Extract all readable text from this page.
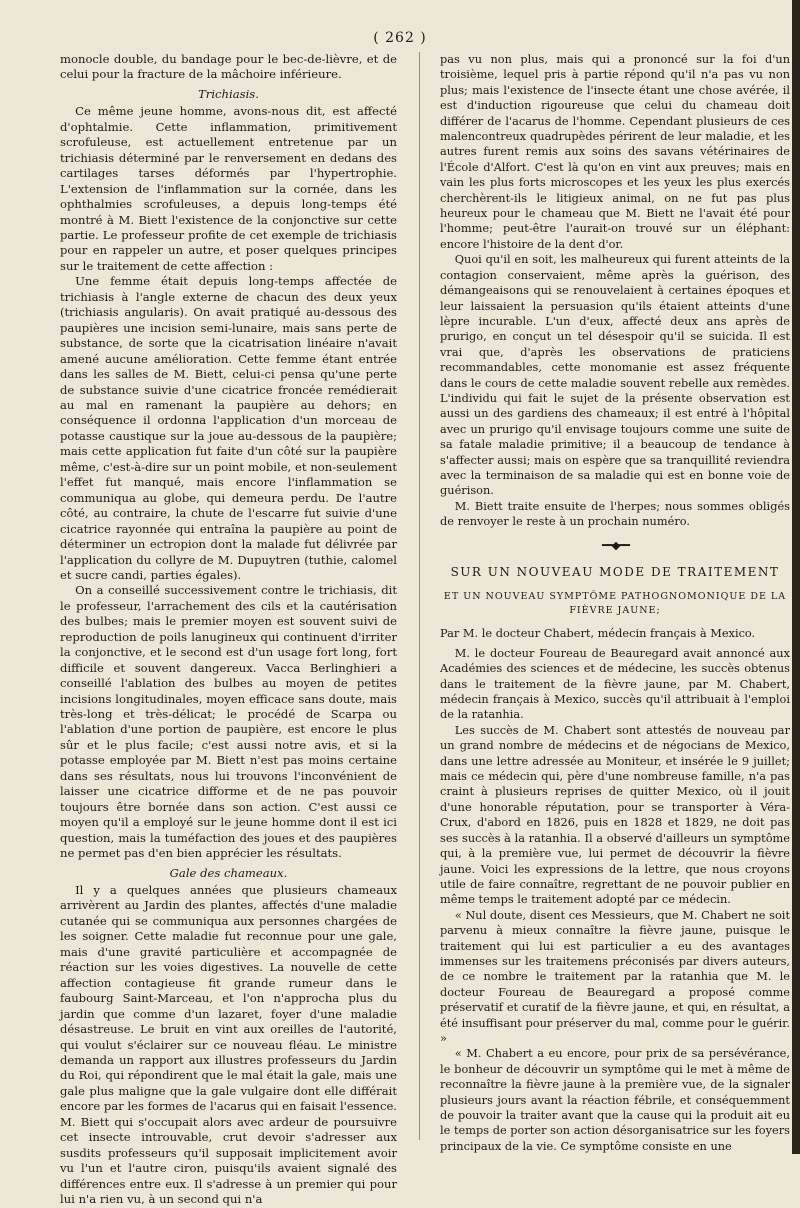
( 262 )

monocle double, du bandage pour le bec-de-lièvre, et de celui pour la fracture de la mâchoire inférieure.

Trichiasis.

Ce même jeune homme, avons-nous dit, est affecté d'ophtalmie. Cette inflammation, primitivement scrofuleuse, est actuellement entretenue par un trichiasis déterminé par le renversement en dedans des cartilages tarses déformés par l'hypertrophie. L'extension de l'inflammation sur la cornée, dans les ophthalmies scrofuleuses, a depuis long-temps été montré à M. Biett l'existence de la conjonctive sur cette partie. Le professeur profite de cet exemple de trichiasis pour en rappeler un autre, et poser quelques principes sur le traitement de cette affection :

Une femme était depuis long-temps affectée de trichiasis à l'angle externe de chacun des deux yeux (trichiasis angularis). On avait pratiqué au-dessous des paupières une incision semi-lunaire, mais sans perte de substance, de sorte que la cicatrisation linéaire n'avait amené aucune amélioration. Cette femme étant entrée dans les salles de M. Biett, celui-ci pensa qu'une perte de substance suivie d'une cicatrice froncée remédierait au mal en ramenant la paupière au dehors; en conséquence il ordonna l'application d'un morceau de potasse caustique sur la joue au-dessous de la paupière; mais cette application fut faite d'un côté sur la paupière même, c'est-à-dire sur un point mobile, et non-seulement l'effet fut manqué, mais encore l'inflammation se communiqua au globe, qui demeura perdu. De l'autre côté, au contraire, la chute de l'escarre fut suivie d'une cicatrice rayonnée qui entraîna la paupière au point de déterminer un ectropion dont la malade fut délivrée par l'application du collyre de M. Dupuytren (tuthie, calomel et sucre candi, parties égales).

On a conseillé successivement contre le trichiasis, dit le professeur, l'arrachement des cils et la cautérisation des bulbes; mais le premier moyen est souvent suivi de reproduction de poils lanugineux qui continuent d'irriter la conjonctive, et le second est d'un usage fort long, fort difficile et souvent dangereux. Vacca Berlinghieri a conseillé l'ablation des bulbes au moyen de petites incisions longitudinales, moyen efficace sans doute, mais très-long et très-délicat; le procédé de Scarpa ou l'ablation d'une portion de paupière, est encore le plus sûr et le plus facile; c'est aussi notre avis, et si la potasse employée par M. Biett n'est pas moins certaine dans ses résultats, nous lui trouvons l'inconvénient de laisser une cicatrice difforme et de ne pas pouvoir toujours être bornée dans son action. C'est aussi ce moyen qu'il a employé sur le jeune homme dont il est ici question, mais la tuméfaction des joues et des paupières ne permet pas d'en bien apprécier les résultats.

Gale des chameaux.

Il y a quelques années que plusieurs chameaux arrivèrent au Jardin des plantes, affectés d'une maladie cutanée qui se communiqua aux personnes chargées de les soigner. Cette maladie fut reconnue pour une gale, mais d'une gravité particulière et accompagnée de réaction sur les voies digestives. La nouvelle de cette affection contagieuse fit grande rumeur dans le faubourg Saint-Marceau, et l'on n'approcha plus du jardin que comme d'un lazaret, foyer d'une maladie désastreuse. Le bruit en vint aux oreilles de l'autorité, qui voulut s'éclairer sur ce nouveau fléau. Le ministre demanda un rapport aux illustres professeurs du Jardin du Roi, qui répondirent que le mal était la gale, mais une gale plus maligne que la gale vulgaire dont elle différait encore par les formes de l'acarus qui en faisait l'essence. M. Biett qui s'occupait alors avec ardeur de poursuivre cet insecte introuvable, crut devoir s'adresser aux susdits professeurs qu'il supposait implicitement avoir vu l'un et l'autre ciron, puisqu'ils avaient signalé des différences entre eux. Il s'adresse à un premier qui pour lui n'a rien vu, à un second qui n'a

pas vu non plus, mais qui a prononcé sur la foi d'un troisième, lequel pris à partie répond qu'il n'a pas vu non plus; mais l'existence de l'insecte étant une chose avérée, il est d'induction rigoureuse que celui du chameau doit différer de l'acarus de l'homme. Cependant plusieurs de ces malencontreux quadrupèdes périrent de leur maladie, et les autres furent remis aux soins des savans vétérinaires de l'École d'Alfort. C'est là qu'on en vint aux preuves; mais en vain les plus forts microscopes et les yeux les plus exercés cherchèrent-ils le litigieux animal, on ne fut pas plus heureux pour le chameau que M. Biett ne l'avait été pour l'homme; peut-être l'aurait-on trouvé sur un éléphant: encore l'histoire de la dent d'or.

Quoi qu'il en soit, les malheureux qui furent atteints de la contagion conservaient, même après la guérison, des démangeaisons qui se renouvelaient à certaines époques et leur laissaient la persuasion qu'ils étaient atteints d'une lèpre incurable. L'un d'eux, affecté deux ans après de prurigo, en conçut un tel désespoir qu'il se suicida. Il est vrai que, d'après les observations de praticiens recommandables, cette monomanie est assez fréquente dans le cours de cette maladie souvent rebelle aux remèdes. L'individu qui fait le sujet de la présente observation est aussi un des gardiens des chameaux; il est entré à l'hôpital avec un prurigo qu'il envisage toujours comme une suite de sa fatale maladie primitive; il a beaucoup de tendance à s'affecter aussi; mais on espère que sa tranquillité reviendra avec la terminaison de sa maladie qui est en bonne voie de guérison.

M. Biett traite ensuite de l'herpes; nous sommes obligés de renvoyer le reste à un prochain numéro.

━━◆━━
SUR UN NOUVEAU MODE DE TRAITEMENT
ET UN NOUVEAU SYMPTÔME PATHOGNOMONIQUE DE LA FIÈVRE JAUNE;

Par M. le docteur Chabert, médecin français à Mexico.

M. le docteur Foureau de Beauregard avait annoncé aux Académies des sciences et de médecine, les succès obtenus dans le traitement de la fièvre jaune, par M. Chabert, médecin français à Mexico, succès qu'il attribuait à l'emploi de la ratanhia.

Les succès de M. Chabert sont attestés de nouveau par un grand nombre de médecins et de négocians de Mexico, dans une lettre adressée au Moniteur, et insérée le 9 juillet; mais ce médecin qui, père d'une nombreuse famille, n'a pas craint à plusieurs reprises de quitter Mexico, où il jouit d'une honorable réputation, pour se transporter à Véra-Crux, d'abord en 1826, puis en 1828 et 1829, ne doit pas ses succès à la ratanhia. Il a observé d'ailleurs un symptôme qui, à la première vue, lui permet de découvrir la fièvre jaune. Voici les expressions de la lettre, que nous croyons utile de faire connaître, regrettant de ne pouvoir publier en même temps le traitement adopté par ce médecin.

« Nul doute, disent ces Messieurs, que M. Chabert ne soit parvenu à mieux connaître la fièvre jaune, puisque le traitement qui lui est particulier a eu des avantages immenses sur les traitemens préconisés par divers auteurs, de ce nombre le traitement par la ratanhia que M. le docteur Foureau de Beauregard a proposé comme préservatif et curatif de la fièvre jaune, et qui, en résultat, a été insuffisant pour préserver du mal, comme pour le guérir. »

« M. Chabert a eu encore, pour prix de sa persévérance, le bonheur de découvrir un symptôme qui le met à même de reconnaître la fièvre jaune à la première vue, de la signaler plusieurs jours avant la réaction fébrile, et conséquemment de pouvoir la traiter avant que la cause qui la produit ait eu le temps de porter son action désorganisatrice sur les foyers principaux de la vie. Ce symptôme consiste en une
